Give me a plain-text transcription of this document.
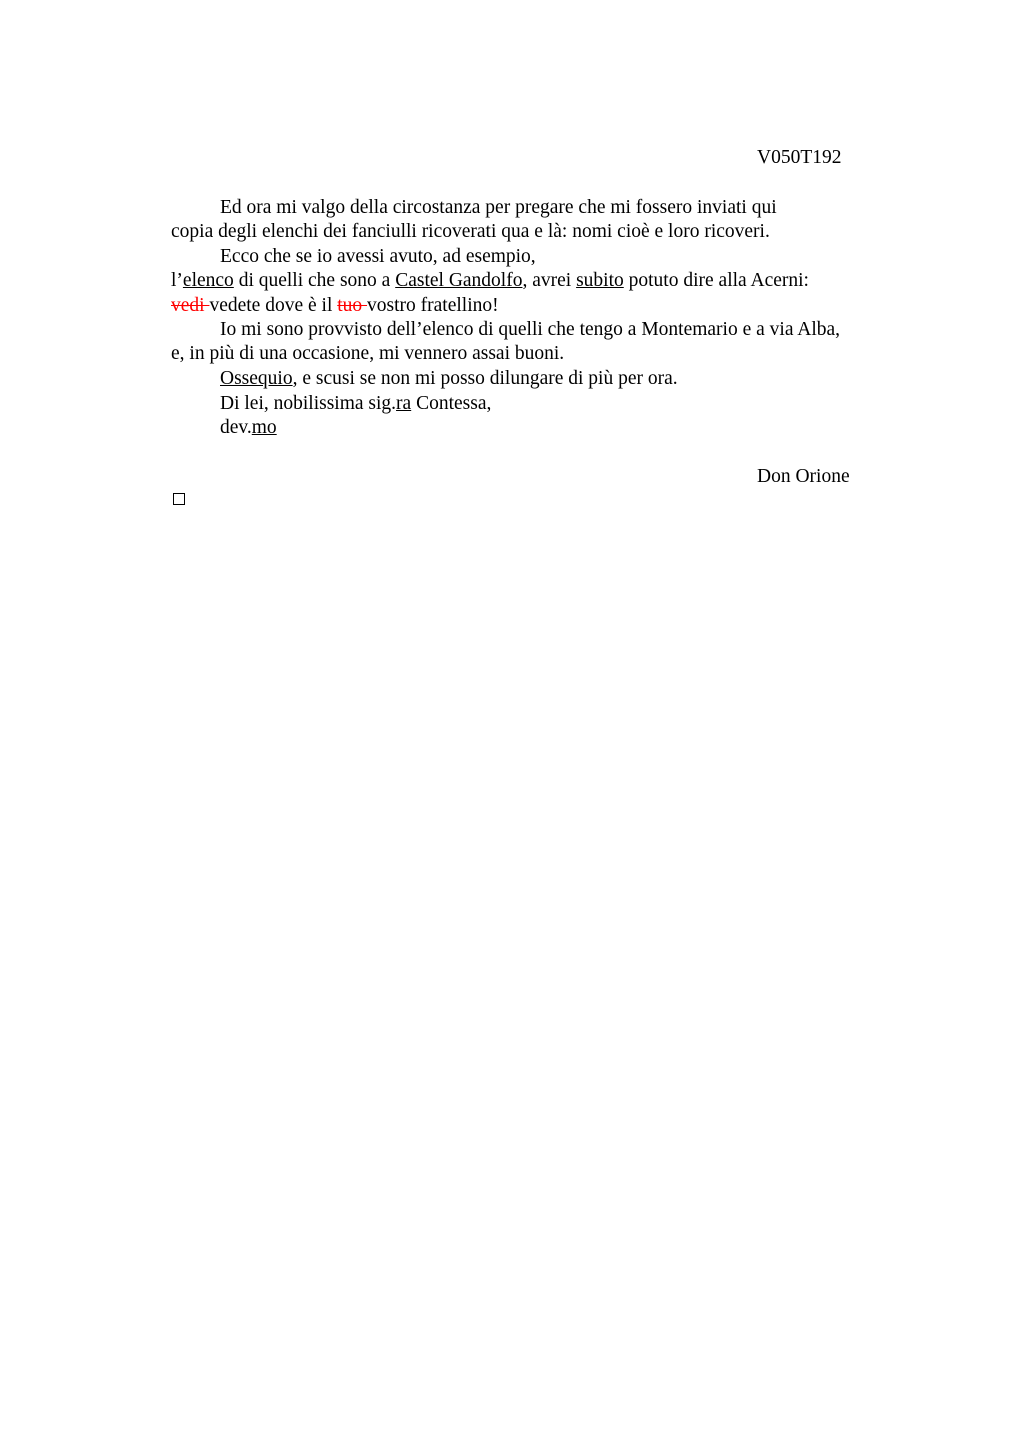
V050T192
Ed ora mi valgo della circostanza per pregare che mi fossero inviati qui
copia degli elenchi dei fanciulli ricoverati qua e là: nomi cioè e loro ricoveri.
Ecco che se io avessi avuto, ad esempio,
l’elenco di quelli che sono a Castel Gandolfo, avrei subito potuto dire alla Acerni:
vedi vedete dove è il tuo vostro fratellino!
Io mi sono provvisto dell’elenco di quelli che tengo a Montemario e a via Alba,
e, in più di una occasione, mi vennero assai buoni.
Ossequio, e scusi se non mi posso dilungare di più per ora.
Di lei, nobilissima sig.ra Contessa,
dev.mo
Don Orione
